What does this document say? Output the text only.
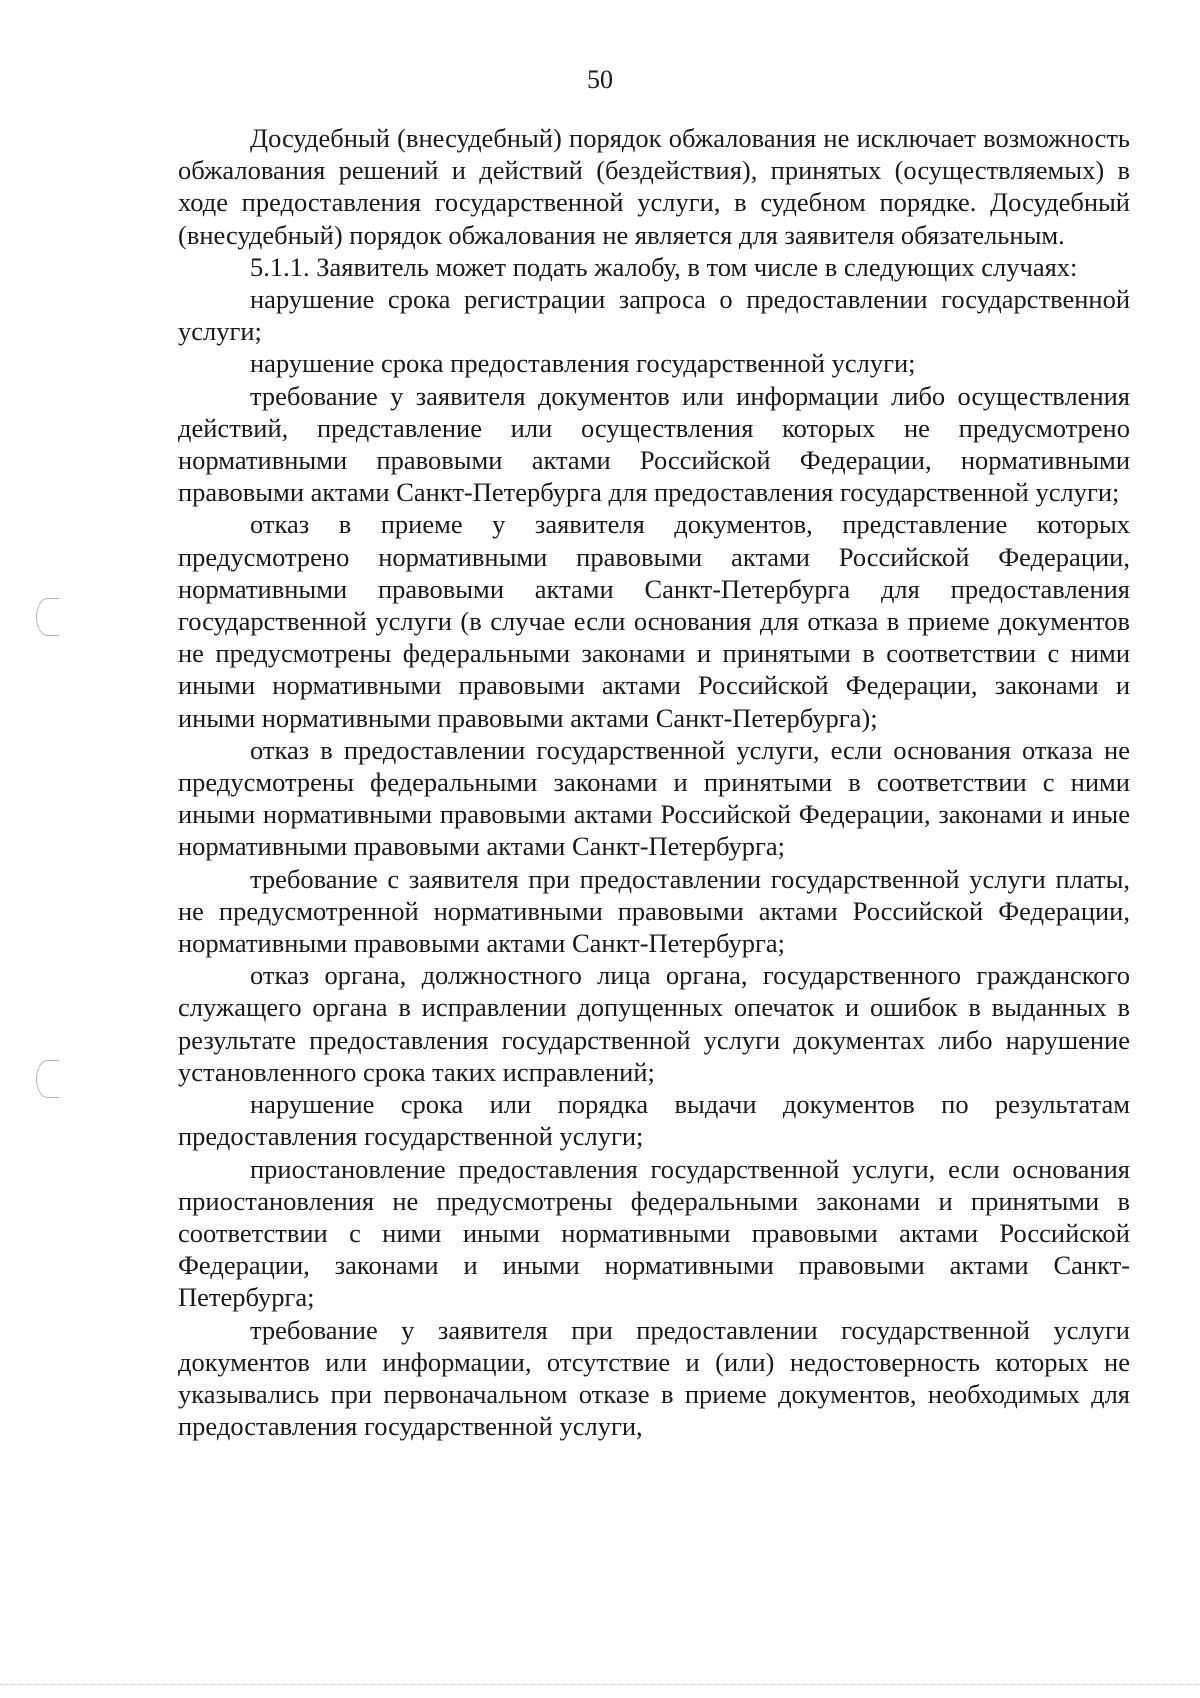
50

Досудебный (внесудебный) порядок обжалования не исключает возможность обжалования решений и действий (бездействия), принятых (осуществляемых) в ходе предоставления государственной услуги, в судебном порядке. Досудебный (внесудебный) порядок обжалования не является для заявителя обязательным.

5.1.1. Заявитель может подать жалобу, в том числе в следующих случаях:

нарушение срока регистрации запроса о предоставлении государственной услуги;

нарушение срока предоставления государственной услуги;

требование у заявителя документов или информации либо осуществления действий, представление или осуществления которых не предусмотрено нормативными правовыми актами Российской Федерации, нормативными правовыми актами Санкт-Петербурга для предоставления государственной услуги;

отказ в приеме у заявителя документов, представление которых предусмотрено нормативными правовыми актами Российской Федерации, нормативными правовыми актами Санкт-Петербурга для предоставления государственной услуги (в случае если основания для отказа в приеме документов не предусмотрены федеральными законами и принятыми в соответствии с ними иными нормативными правовыми актами Российской Федерации, законами и иными нормативными правовыми актами Санкт-Петербурга);

отказ в предоставлении государственной услуги, если основания отказа не предусмотрены федеральными законами и принятыми в соответствии с ними иными нормативными правовыми актами Российской Федерации, законами и иные нормативными правовыми актами Санкт-Петербурга;

требование с заявителя при предоставлении государственной услуги платы, не предусмотренной нормативными правовыми актами Российской Федерации, нормативными правовыми актами Санкт-Петербурга;

отказ органа, должностного лица органа, государственного гражданского служащего органа в исправлении допущенных опечаток и ошибок в выданных в результате предоставления государственной услуги документах либо нарушение установленного срока таких исправлений;

нарушение срока или порядка выдачи документов по результатам предоставления государственной услуги;

приостановление предоставления государственной услуги, если основания приостановления не предусмотрены федеральными законами и принятыми в соответствии с ними иными нормативными правовыми актами Российской Федерации, законами и иными нормативными правовыми актами Санкт-Петербурга;

требование у заявителя при предоставлении государственной услуги документов или информации, отсутствие и (или) недостоверность которых не указывались при первоначальном отказе в приеме документов, необходимых для предоставления государственной услуги,
